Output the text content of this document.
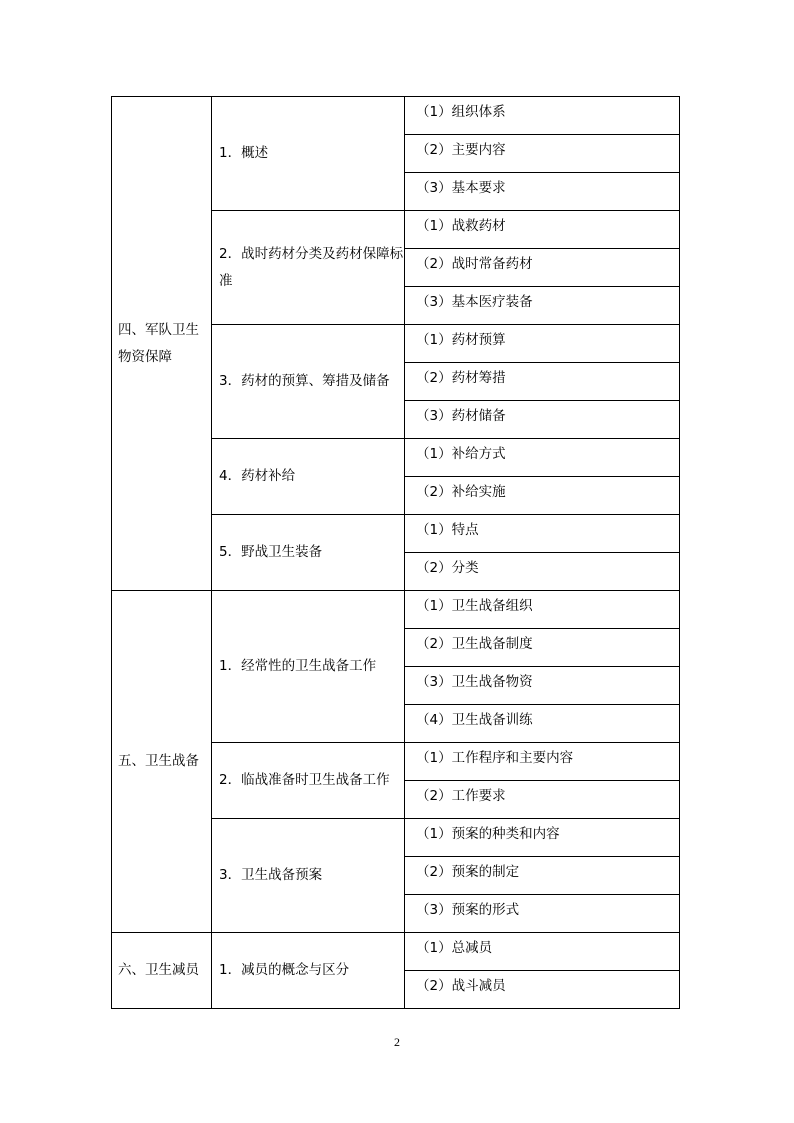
四、军队卫生物资保障	1．概述	（1）组织体系
		（2）主要内容
		（3）基本要求
	2．战时药材分类及药材保障标准	（1）战救药材
		（2）战时常备药材
		（3）基本医疗装备
	3．药材的预算、筹措及储备	（1）药材预算
		（2）药材筹措
		（3）药材储备
	4．药材补给	（1）补给方式
		（2）补给实施
	5．野战卫生装备	（1）特点
		（2）分类
五、卫生战备	1．经常性的卫生战备工作	（1）卫生战备组织
		（2）卫生战备制度
		（3）卫生战备物资
		（4）卫生战备训练
	2．临战准备时卫生战备工作	（1）工作程序和主要内容
		（2）工作要求
	3．卫生战备预案	（1）预案的种类和内容
		（2）预案的制定
		（3）预案的形式
六、卫生减员	1．减员的概念与区分	（1）总减员
		（2）战斗减员
2
